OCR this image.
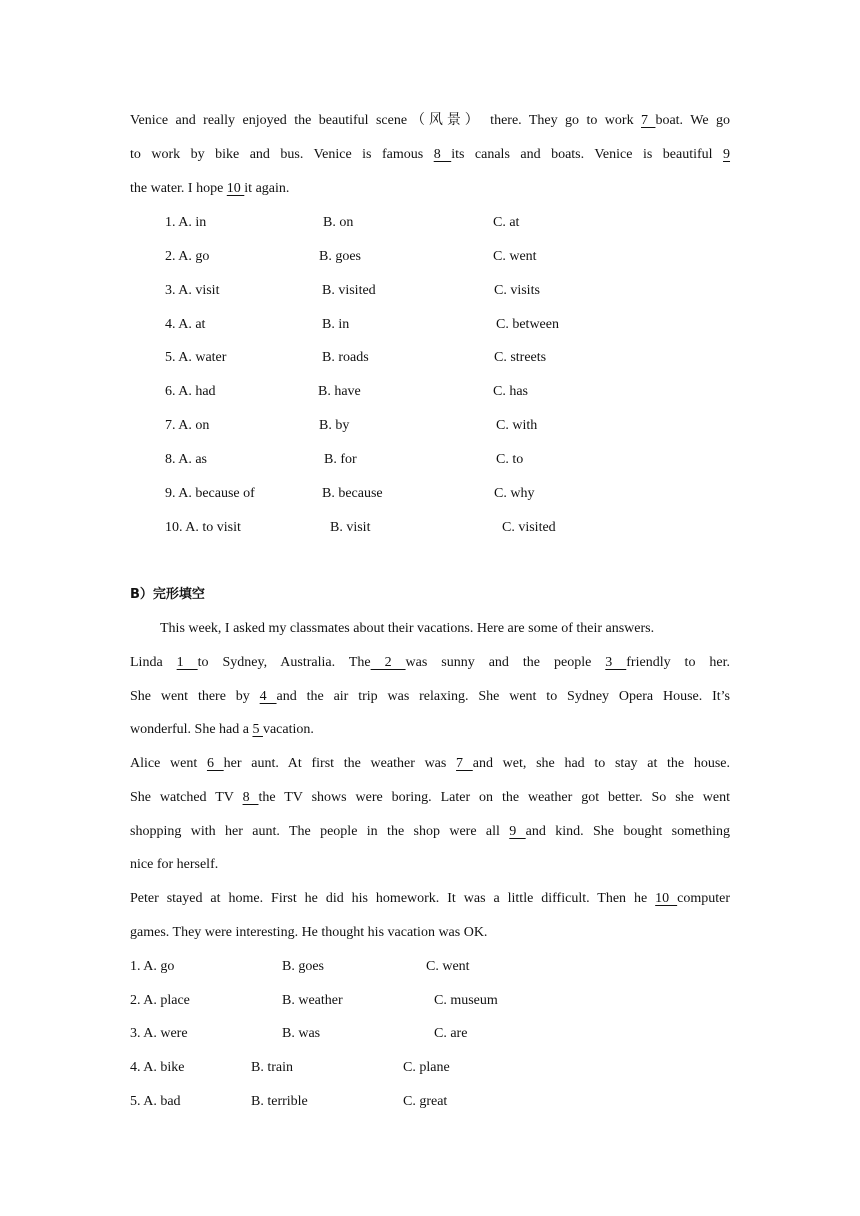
Venice and really enjoyed the beautiful scene（风景） there. They go to work 7 boat. We go
to work by bike and bus. Venice is famous 8 its canals and boats. Venice is beautiful 9
the water. I hope 10 it again.
1. A. in	B. on	C. at
2. A. go	B. goes	C. went
3. A. visit	B. visited	C. visits
4. A. at	B. in	C. between
5. A. water	B. roads	C. streets
6. A. had	B. have	C. has
7. A. on	B. by	C. with
8. A. as	B. for	C. to
9. A. because of	B. because	C. why
10. A. to visit	B. visit	C. visited
B）完形填空
This week, I asked my classmates about their vacations. Here are some of their answers.
Linda 1 to Sydney, Australia. The 2 was sunny and the people 3 friendly to her.
She went there by 4 and the air trip was relaxing. She went to Sydney Opera House. It’s
wonderful. She had a 5 vacation.
Alice went 6 her aunt. At first the weather was 7 and wet, she had to stay at the house.
She watched TV 8 the TV shows were boring. Later on the weather got better. So she went
shopping with her aunt. The people in the shop were all 9 and kind. She bought something
nice for herself.
Peter stayed at home. First he did his homework. It was a little difficult. Then he 10 computer
games. They were interesting. He thought his vacation was OK.
1. A. go	B. goes	C. went
2. A. place	B. weather	C. museum
3. A. were	B. was	C. are
4. A. bike	B. train	C. plane
5. A. bad	B. terrible	C. great
